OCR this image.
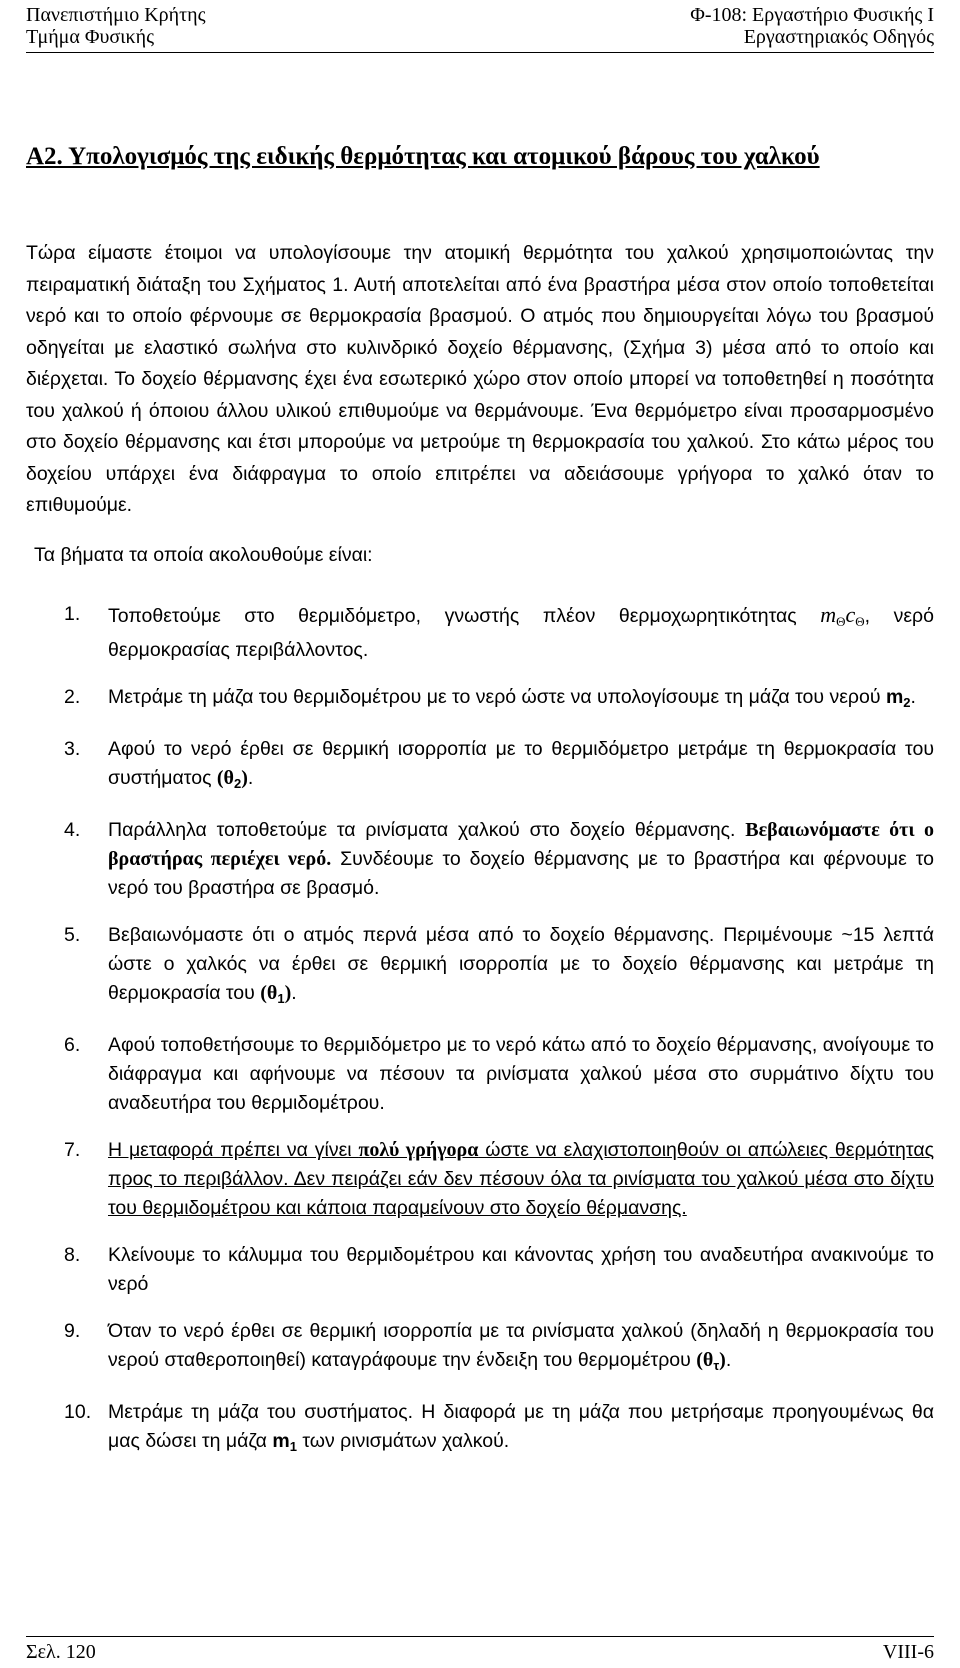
Πανεπιστήμιο Κρήτης
Τμήμα Φυσικής
Φ-108: Εργαστήριο Φυσικής Ι
Εργαστηριακός Οδηγός
Α2. Υπολογισμός της ειδικής θερμότητας και ατομικού βάρους του χαλκού
Τώρα είμαστε έτοιμοι να υπολογίσουμε την ατομική θερμότητα του χαλκού χρησιμοποιώντας την πειραματική διάταξη του Σχήματος 1. Αυτή αποτελείται από ένα βραστήρα μέσα στον οποίο τοποθετείται νερό και το οποίο φέρνουμε σε θερμοκρασία βρασμού. Ο ατμός που δημιουργείται λόγω του βρασμού οδηγείται με ελαστικό σωλήνα στο κυλινδρικό δοχείο θέρμανσης, (Σχήμα 3) μέσα από το οποίο και διέρχεται. Το δοχείο θέρμανσης έχει ένα εσωτερικό χώρο στον οποίο μπορεί να τοποθετηθεί η ποσότητα του χαλκού ή όποιου άλλου υλικού επιθυμούμε να θερμάνουμε. Ένα θερμόμετρο είναι προσαρμοσμένο στο δοχείο θέρμανσης και έτσι μπορούμε να μετρούμε τη θερμοκρασία του χαλκού. Στο κάτω μέρος του δοχείου υπάρχει ένα διάφραγμα το οποίο επιτρέπει να αδειάσουμε γρήγορα το χαλκό όταν το επιθυμούμε.
Τα βήματα τα οποία ακολουθούμε είναι:
1. Τοποθετούμε στο θερμιδόμετρο, γνωστής πλέον θερμοχωρητικότητας $m_\Theta c_\Theta$, νερό θερμοκρασίας περιβάλλοντος.
2. Μετράμε τη μάζα του θερμιδομέτρου με το νερό ώστε να υπολογίσουμε τη μάζα του νερού $m_2$.
3. Αφού το νερό έρθει σε θερμική ισορροπία με το θερμιδόμετρο μετράμε τη θερμοκρασία του συστήματος $(\theta_2)$.
4. Παράλληλα τοποθετούμε τα ρινίσματα χαλκού στο δοχείο θέρμανσης. Βεβαιωνόμαστε ότι ο βραστήρας περιέχει νερό. Συνδέουμε το δοχείο θέρμανσης με το βραστήρα και φέρνουμε το νερό του βραστήρα σε βρασμό.
5. Βεβαιωνόμαστε ότι ο ατμός περνά μέσα από το δοχείο θέρμανσης. Περιμένουμε ~15 λεπτά ώστε ο χαλκός να έρθει σε θερμική ισορροπία με το δοχείο θέρμανσης και μετράμε τη θερμοκρασία του $(\theta_1)$.
6. Αφού τοποθετήσουμε το θερμιδόμετρο με το νερό κάτω από το δοχείο θέρμανσης, ανοίγουμε το διάφραγμα και αφήνουμε να πέσουν τα ρινίσματα χαλκού μέσα στο συρμάτινο δίχτυ του αναδευτήρα του θερμιδομέτρου.
7. Η μεταφορά πρέπει να γίνει πολύ γρήγορα ώστε να ελαχιστοποιηθούν οι απώλειες θερμότητας προς το περιβάλλον. Δεν πειράζει εάν δεν πέσουν όλα τα ρινίσματα του χαλκού μέσα στο δίχτυ του θερμιδομέτρου και κάποια παραμείνουν στο δοχείο θέρμανσης.
8. Κλείνουμε το κάλυμμα του θερμιδομέτρου και κάνοντας χρήση του αναδευτήρα ανακινούμε το νερό
9. Όταν το νερό έρθει σε θερμική ισορροπία με τα ρινίσματα χαλκού (δηλαδή η θερμοκρασία του νερού σταθεροποιηθεί) καταγράφουμε την ένδειξη του θερμομέτρου $(\theta_\tau)$.
10. Μετράμε τη μάζα του συστήματος. Η διαφορά με τη μάζα που μετρήσαμε προηγουμένως θα μας δώσει τη μάζα $m_1$ των ρινισμάτων χαλκού.
Σελ. 120	VIII-6
